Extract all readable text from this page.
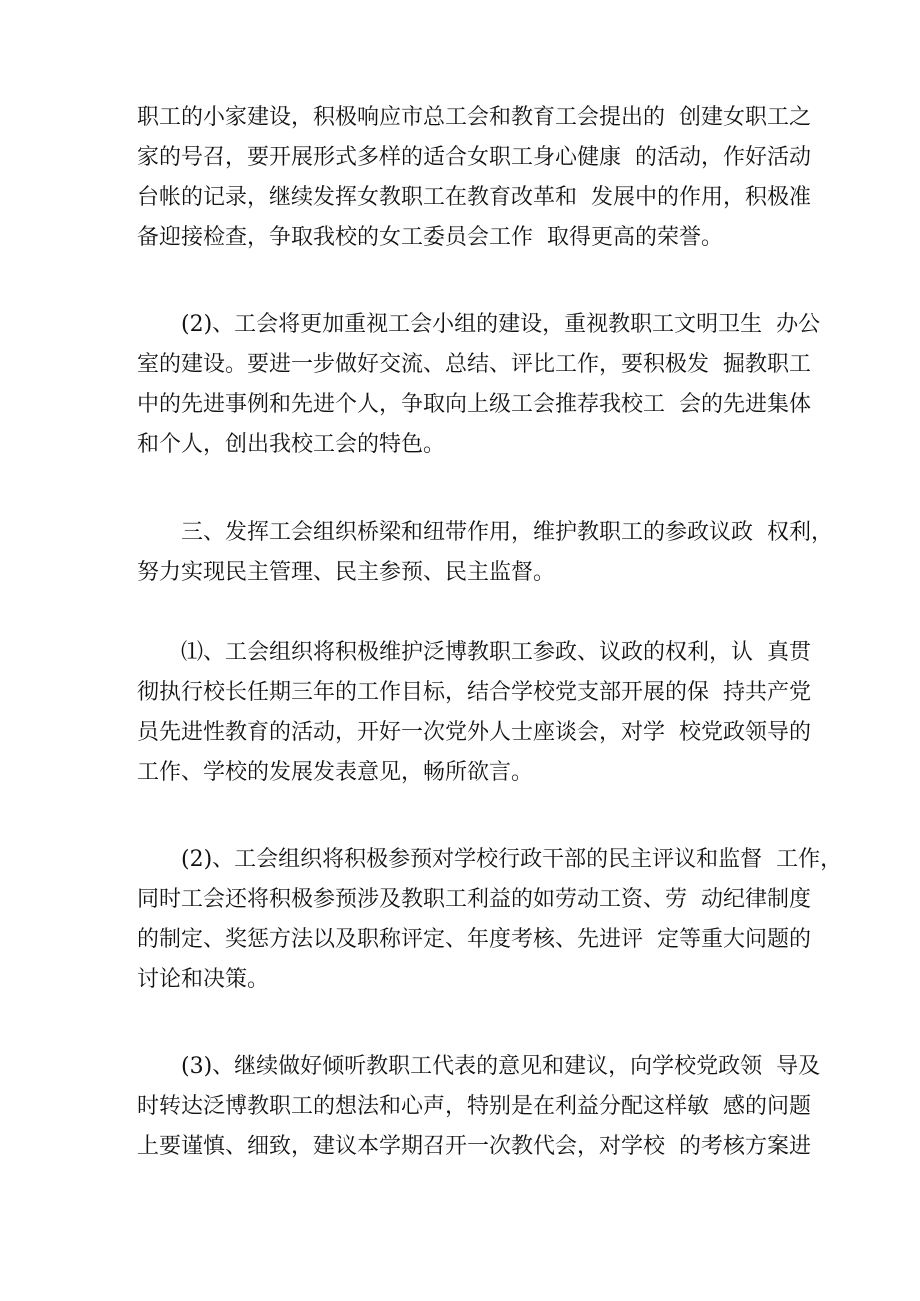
职工的小家建设，积极响应市总工会和教育工会提出的  创建女职工之
家的号召，要开展形式多样的适合女职工身心健康  的活动，作好活动
台帐的记录，继续发挥女教职工在教育改革和  发展中的作用，积极准
备迎接检查，争取我校的女工委员会工作  取得更高的荣誉。
(2)、工会将更加重视工会小组的建设，重视教职工文明卫生  办公
室的建设。要进一步做好交流、总结、评比工作，要积极发  掘教职工
中的先进事例和先进个人，争取向上级工会推荐我校工  会的先进集体
和个人，创出我校工会的特色。
三、发挥工会组织桥梁和纽带作用，维护教职工的参政议政  权利，
努力实现民主管理、民主参预、民主监督。
⑴、工会组织将积极维护泛博教职工参政、议政的权利，认  真贯
彻执行校长任期三年的工作目标，结合学校党支部开展的保  持共产党
员先进性教育的活动，开好一次党外人士座谈会，对学  校党政领导的
工作、学校的发展发表意见，畅所欲言。
(2)、工会组织将积极参预对学校行政干部的民主评议和监督  工作，
同时工会还将积极参预涉及教职工利益的如劳动工资、劳  动纪律制度
的制定、奖惩方法以及职称评定、年度考核、先进评  定等重大问题的
讨论和决策。
(3)、继续做好倾听教职工代表的意见和建议，向学校党政领  导及
时转达泛博教职工的想法和心声，特别是在利益分配这样敏  感的问题
上要谨慎、细致，建议本学期召开一次教代会，对学校  的考核方案进
